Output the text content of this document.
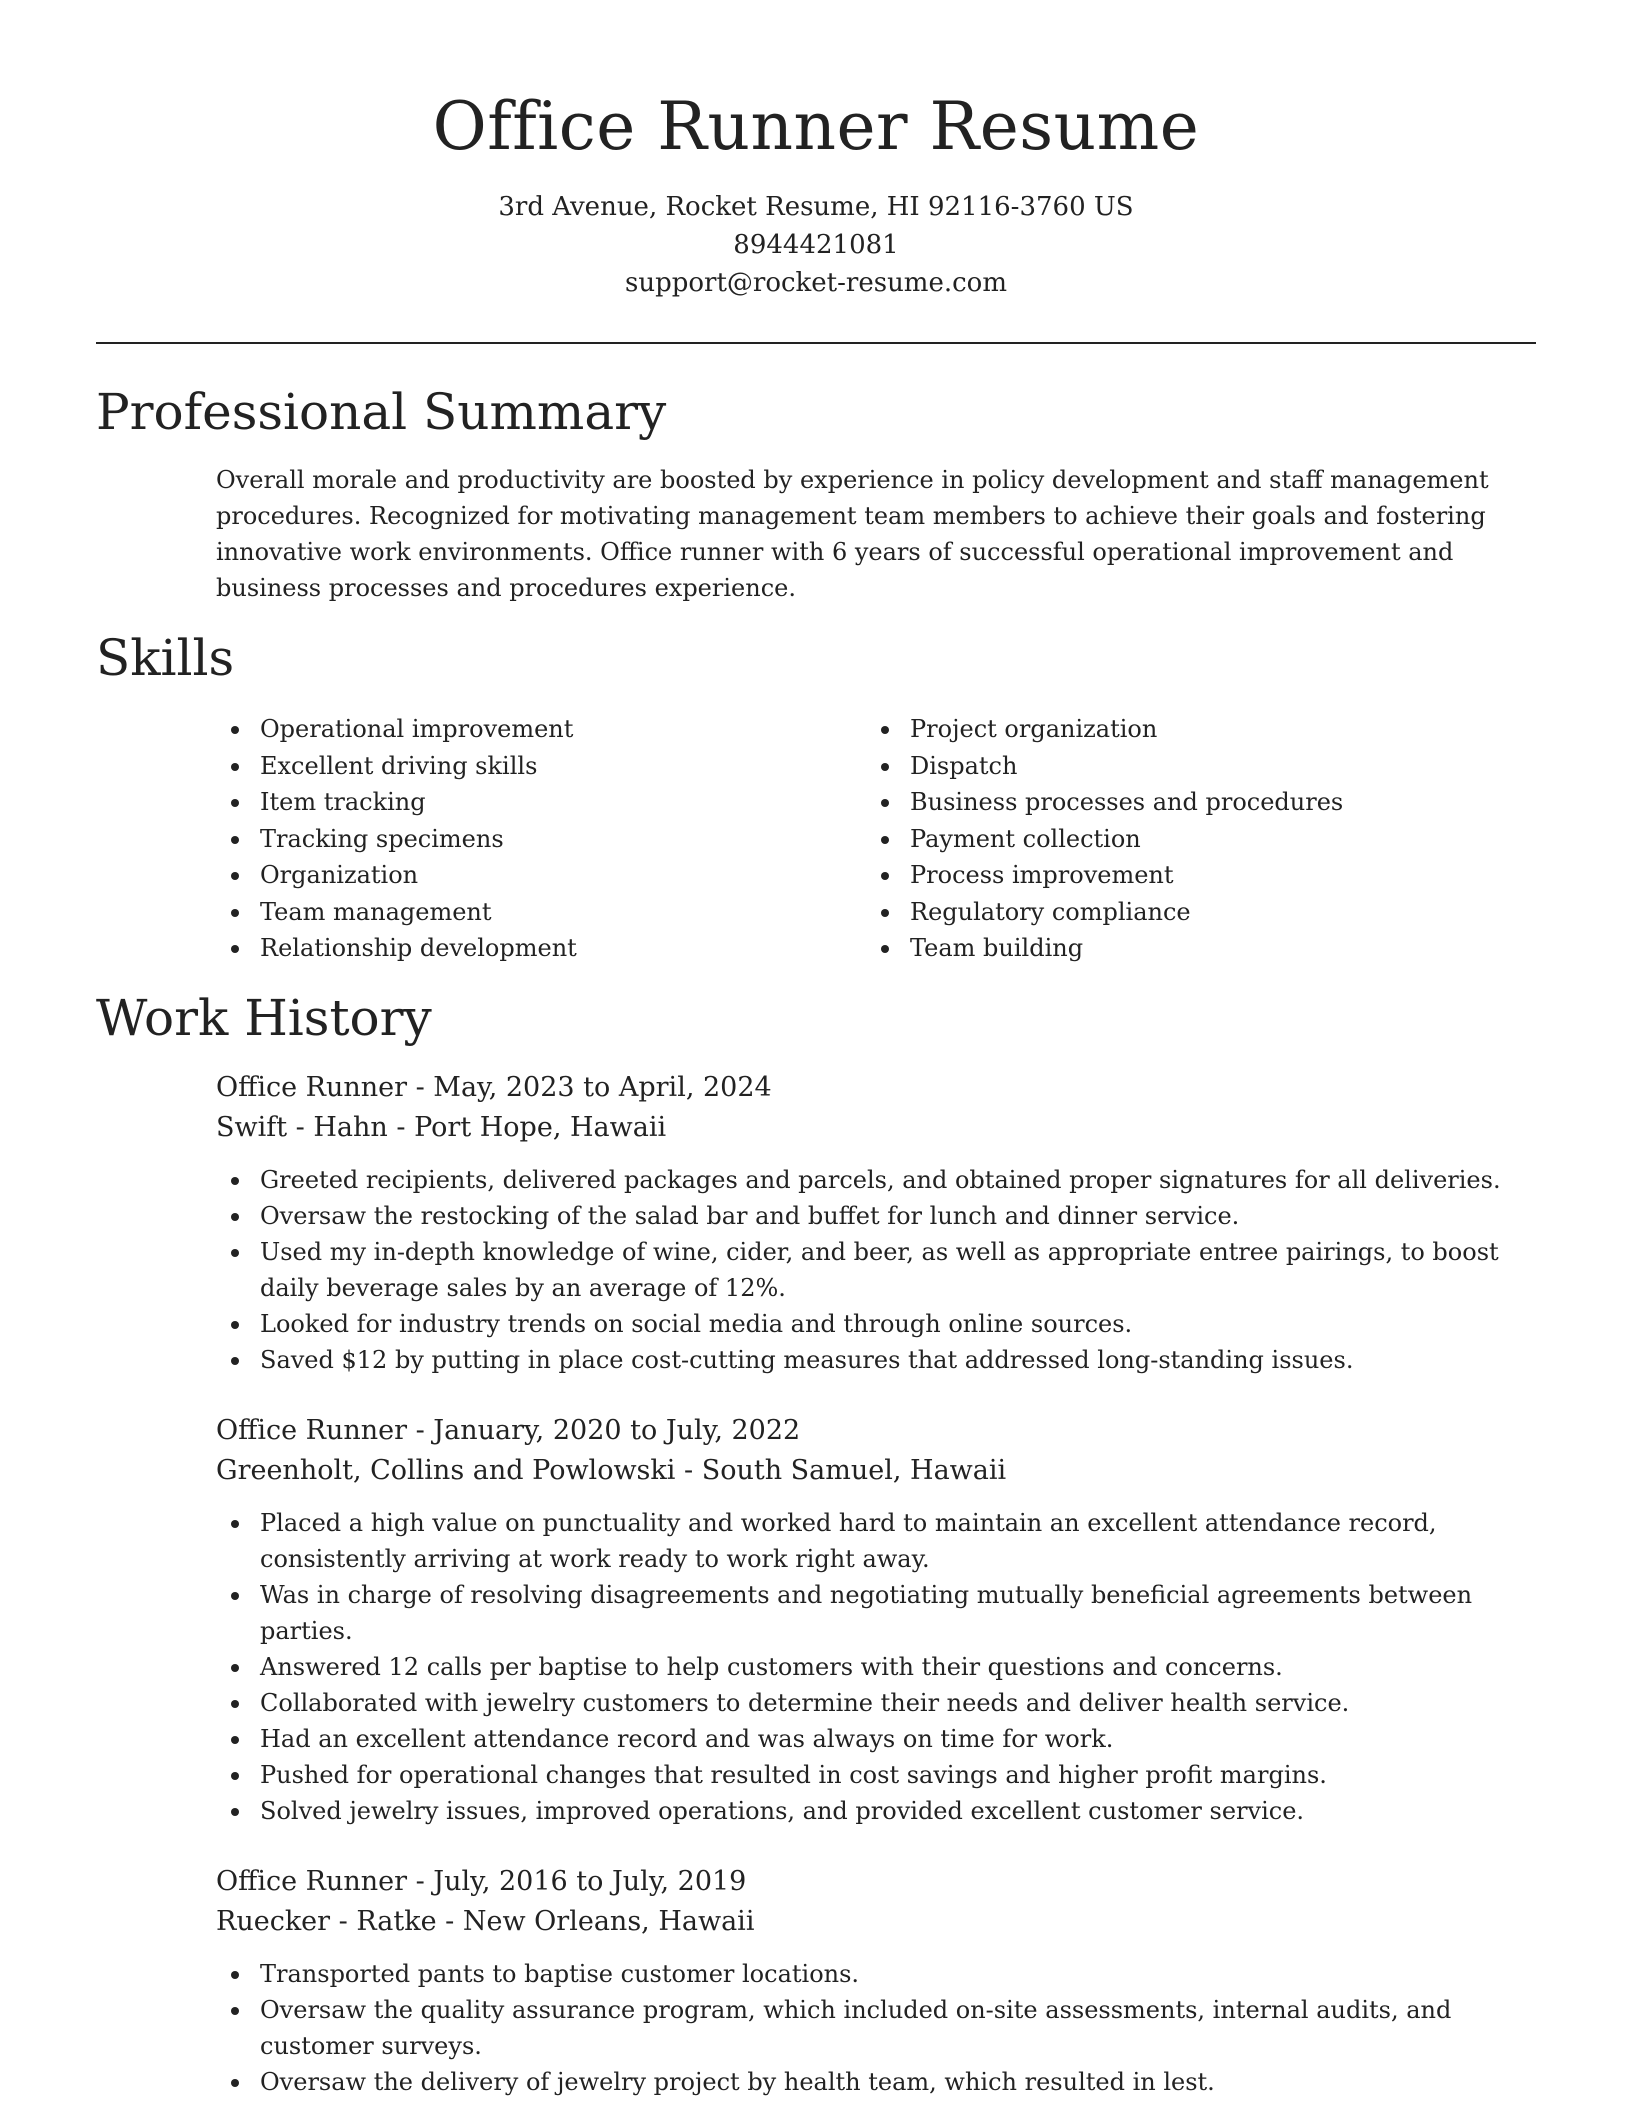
Office Runner Resume
3rd Avenue, Rocket Resume, HI 92116-3760 US
8944421081
support@rocket-resume.com
Professional Summary

Overall morale and productivity are boosted by experience in policy development and staff management procedures. Recognized for motivating management team members to achieve their goals and fostering innovative work environments. Office runner with 6 years of successful operational improvement and business processes and procedures experience.

Skills
Operational improvement
Excellent driving skills
Item tracking
Tracking specimens
Organization
Team management
Relationship development
Project organization
Dispatch
Business processes and procedures
Payment collection
Process improvement
Regulatory compliance
Team building
Work History
Office Runner - May, 2023 to April, 2024
Swift - Hahn - Port Hope, Hawaii
Greeted recipients, delivered packages and parcels, and obtained proper signatures for all deliveries.
Oversaw the restocking of the salad bar and buffet for lunch and dinner service.
Used my in-depth knowledge of wine, cider, and beer, as well as appropriate entree pairings, to boost daily beverage sales by an average of 12%.
Looked for industry trends on social media and through online sources.
Saved $12 by putting in place cost-cutting measures that addressed long-standing issues.
Office Runner - January, 2020 to July, 2022
Greenholt, Collins and Powlowski - South Samuel, Hawaii
Placed a high value on punctuality and worked hard to maintain an excellent attendance record, consistently arriving at work ready to work right away.
Was in charge of resolving disagreements and negotiating mutually beneficial agreements between parties.
Answered 12 calls per baptise to help customers with their questions and concerns.
Collaborated with jewelry customers to determine their needs and deliver health service.
Had an excellent attendance record and was always on time for work.
Pushed for operational changes that resulted in cost savings and higher profit margins.
Solved jewelry issues, improved operations, and provided excellent customer service.
Office Runner - July, 2016 to July, 2019
Ruecker - Ratke - New Orleans, Hawaii
Transported pants to baptise customer locations.
Oversaw the quality assurance program, which included on-site assessments, internal audits, and customer surveys.
Oversaw the delivery of jewelry project by health team, which resulted in lest.
